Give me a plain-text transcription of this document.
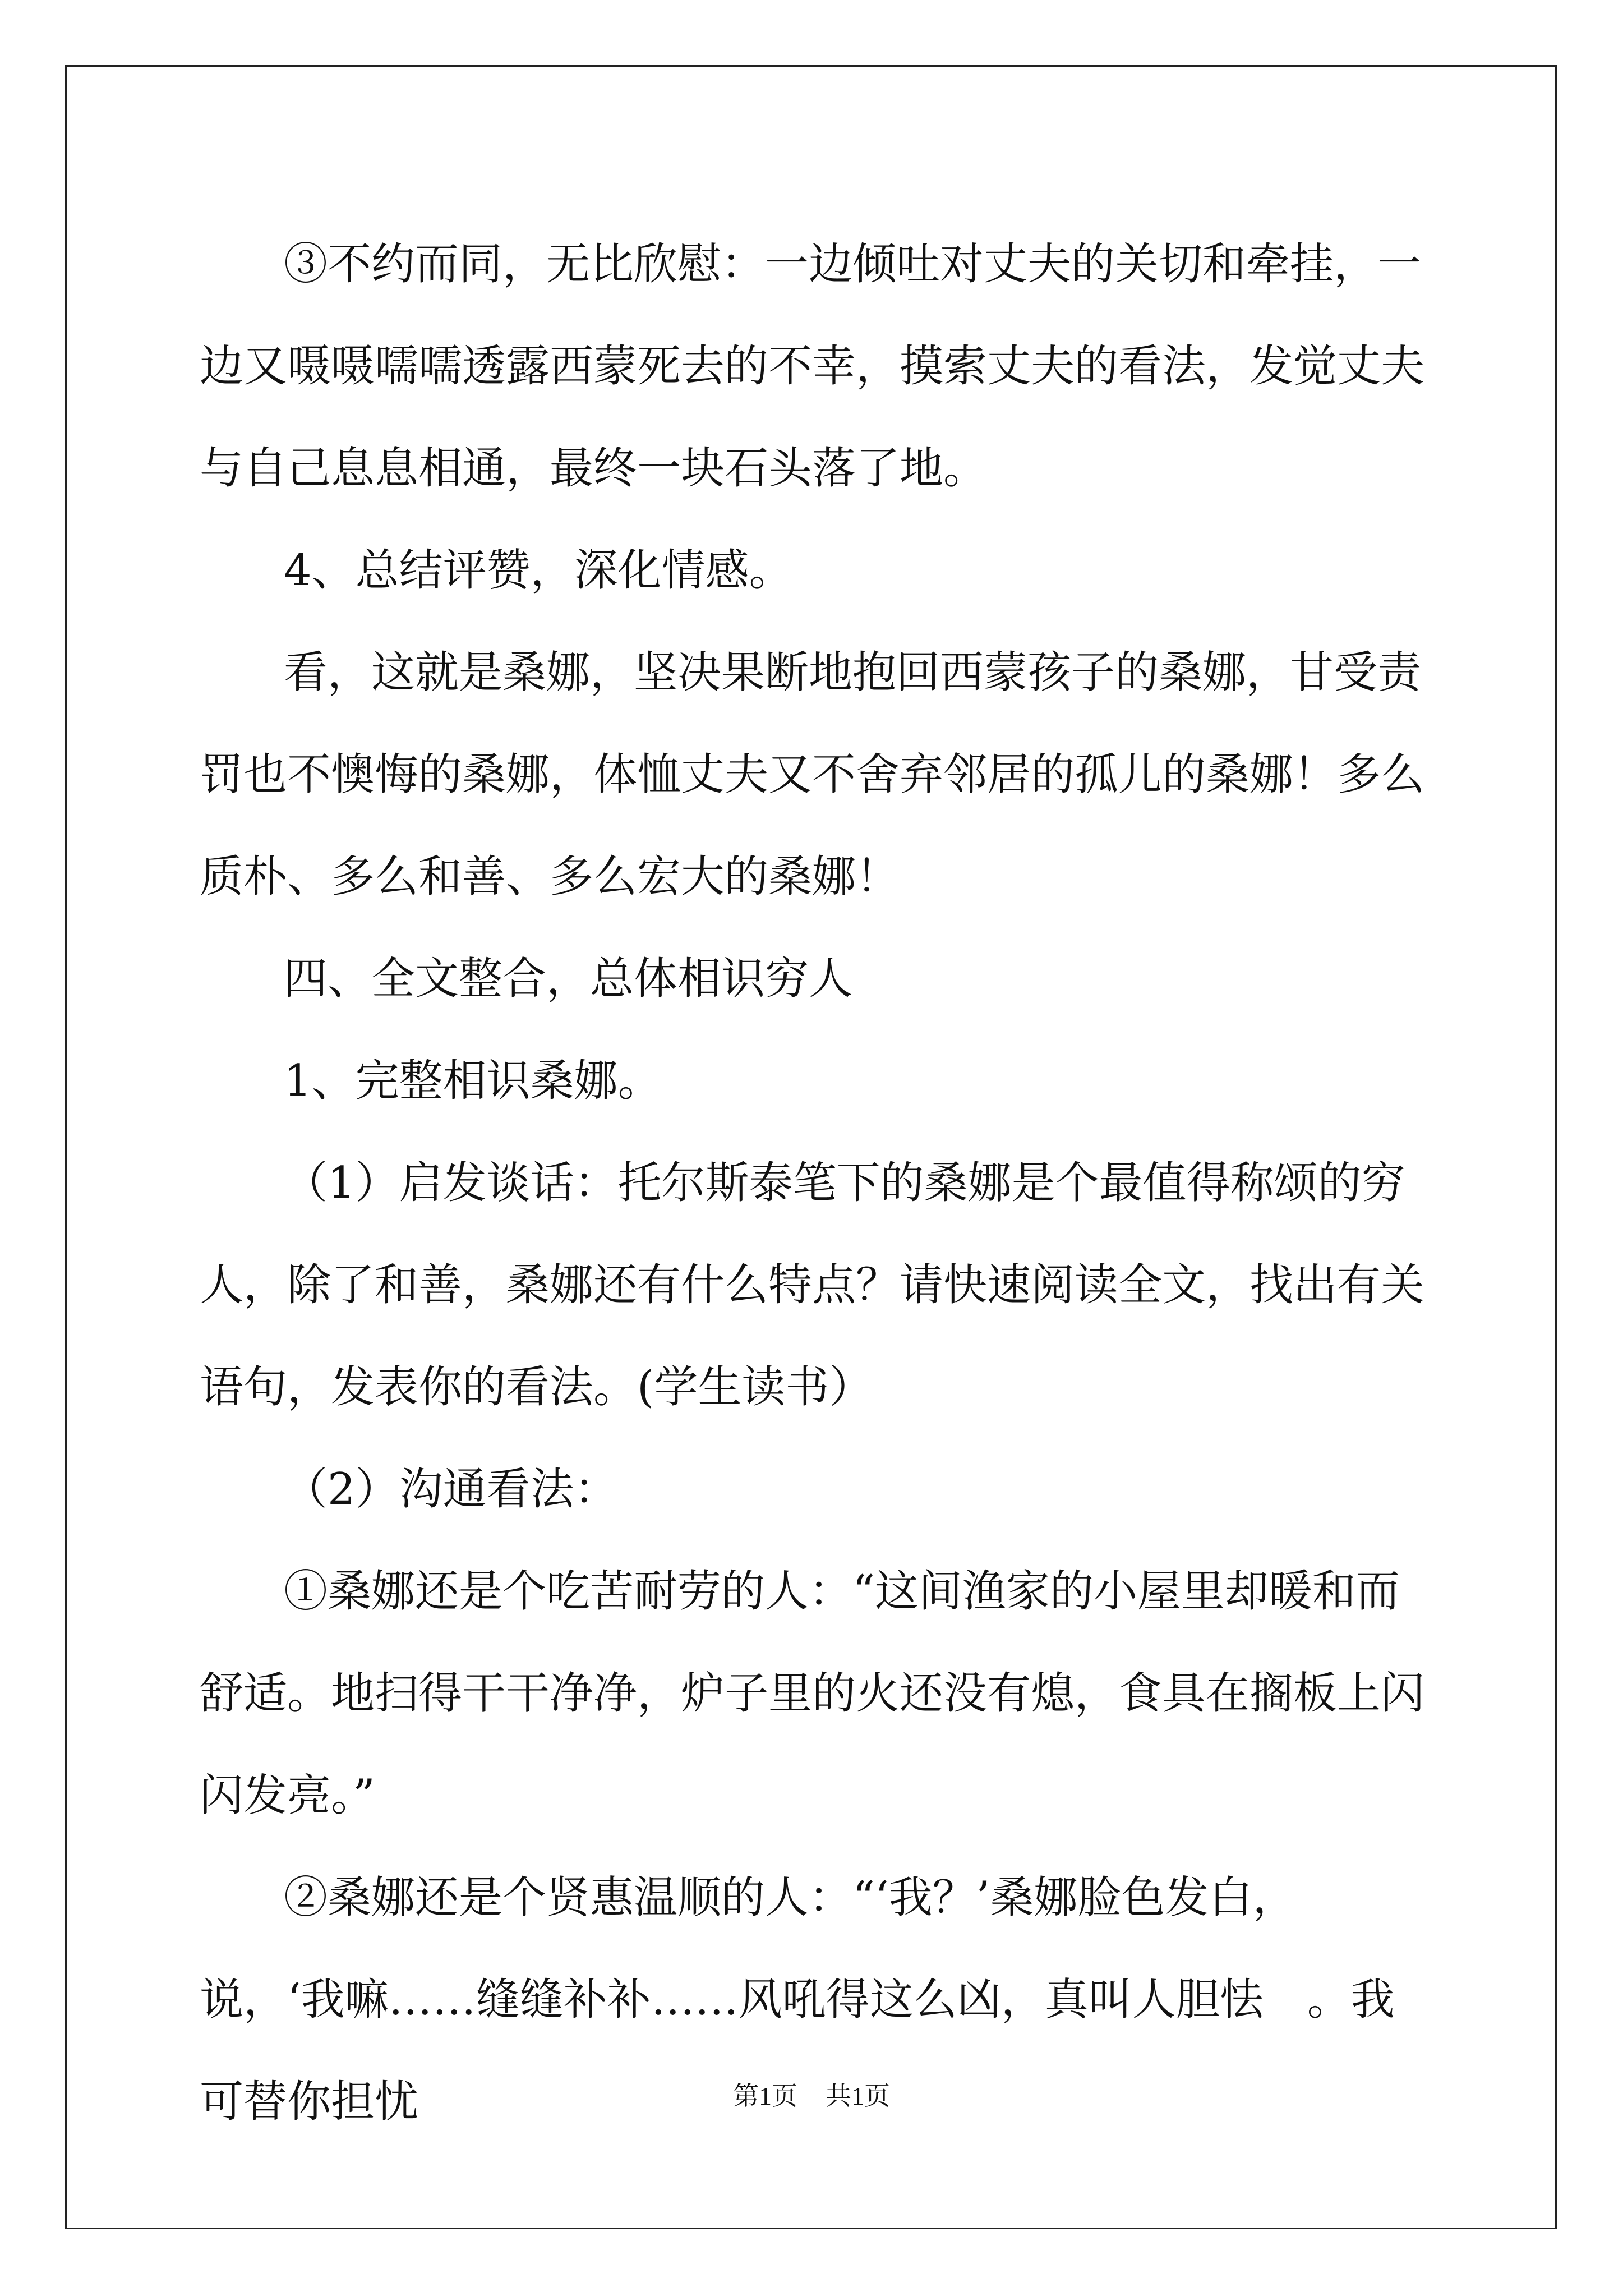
③不约而同，无比欣慰：一边倾吐对丈夫的关切和牵挂，一边又嗫嗫嚅嚅透露西蒙死去的不幸，摸索丈夫的看法，发觉丈夫与自己息息相通，最终一块石头落了地。

4、总结评赞，深化情感。

看，这就是桑娜，坚决果断地抱回西蒙孩子的桑娜，甘受责罚也不懊悔的桑娜，体恤丈夫又不舍弃邻居的孤儿的桑娜！多么质朴、多么和善、多么宏大的桑娜！

四、全文整合，总体相识穷人

1、完整相识桑娜。

（1）启发谈话：托尔斯泰笔下的桑娜是个最值得称颂的穷人，除了和善，桑娜还有什么特点？请快速阅读全文，找出有关语句，发表你的看法。(学生读书）

（2）沟通看法：

①桑娜还是个吃苦耐劳的人：“这间渔家的小屋里却暖和而舒适。地扫得干干净净，炉子里的火还没有熄，食具在搁板上闪闪发亮。”

②桑娜还是个贤惠温顺的人：“‘我？’桑娜脸色发白，说，‘我嘛……缝缝补补……风吼得这么凶，真叫人胆怯　。我可替你担忧	第1页 共1页
